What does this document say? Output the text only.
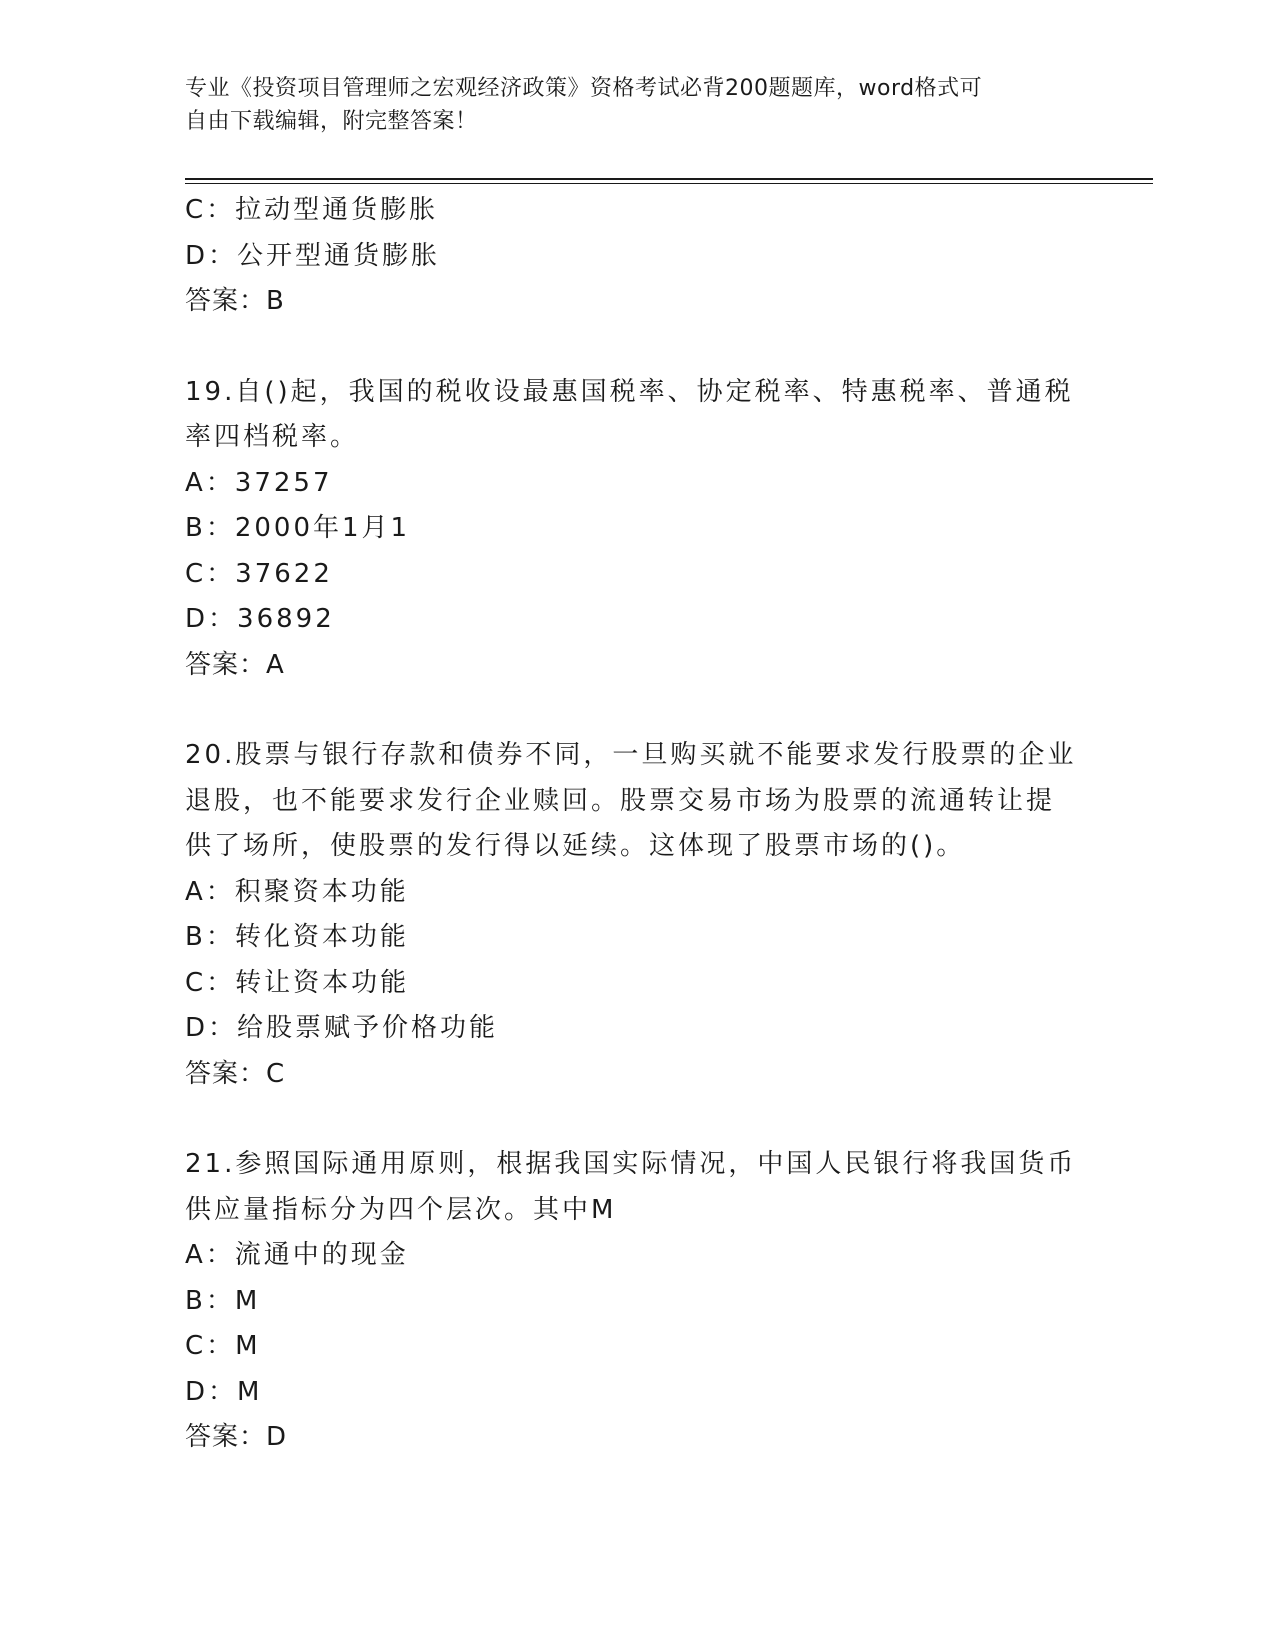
专业《投资项目管理师之宏观经济政策》资格考试必背200题题库，word格式可
自由下载编辑，附完整答案！
C：拉动型通货膨胀
D：公开型通货膨胀
答案：B
19.自()起，我国的税收设最惠国税率、协定税率、特惠税率、普通税
率四档税率。
A：37257
B：2000年1月1
C：37622
D：36892
答案：A
20.股票与银行存款和债券不同，一旦购买就不能要求发行股票的企业
退股，也不能要求发行企业赎回。股票交易市场为股票的流通转让提
供了场所，使股票的发行得以延续。这体现了股票市场的()。
A：积聚资本功能
B：转化资本功能
C：转让资本功能
D：给股票赋予价格功能
答案：C
21.参照国际通用原则，根据我国实际情况，中国人民银行将我国货币
供应量指标分为四个层次。其中M
A：流通中的现金
B：M
C：M
D：M
答案：D
